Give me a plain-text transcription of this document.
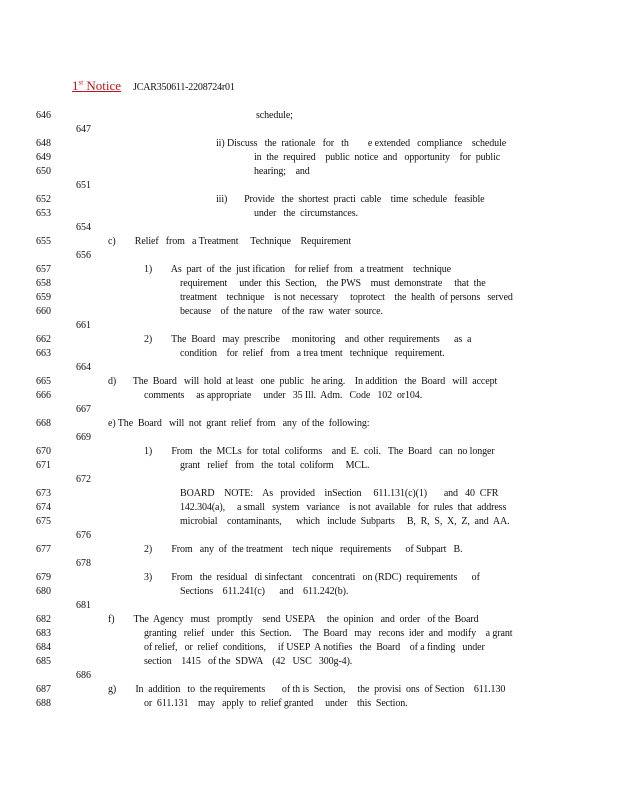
1st Notice JCAR350611-2208724r01
646	schedule;
647
648	ii) Discuss   the  rationale   for   th        e extended   compliance    schedule
649	in  the  required    public  notice  and   opportunity    for  public
650	hearing;    and
651
652	iii)       Provide   the  shortest  practi  cable    time  schedule   feasible
653	under   the  circumstances.
654
655	c)        Relief   from   a Treatment     Technique    Requirement
656
657	1)        As  part  of  the  just ification    for relief  from   a treatment    technique
658	requirement     under  this  Section,    the PWS    must  demonstrate     that  the
659	treatment    technique    is not  necessary     toprotect    the  health  of persons   served
660	because    of  the nature    of the  raw  water  source.
661
662	2)        The  Board   may  prescribe     monitoring    and  other  requirements      as  a
663	condition    for  relief   from   a trea tment   technique   requirement.
664
665	d)       The  Board   will  hold  at least   one  public   he aring.    In addition   the  Board   will  accept
666	comments     as appropriate     under   35 Ill.  Adm.   Code   102  or104.
667
668	e) The  Board   will  not  grant  relief  from   any  of the  following:
669
670	1)        From   the  MCLs  for  total  coliforms    and  E.  coli.   The  Board   can  no longer
671	grant   relief   from   the  total  coliform     MCL.
672
673	BOARD    NOTE:    As   provided    inSection     611.131(c)(1)       and   40  CFR
674	142.304(a),     a small   system   variance    is not  available   for  rules  that  address
675	microbial    contaminants,      which   include  Subparts     B,  R,  S,  X,  Z,  and  AA.
676
677	2)        From   any  of  the treatment    tech nique   requirements      of Subpart   B.
678
679	3)        From   the  residual   di sinfectant    concentrati   on (RDC)  requirements      of
680	Sections    611.241(c)      and    611.242(b).
681
682	f)        The  Agency   must   promptly    send  USEPA     the  opinion   and  order   of the  Board
683	granting   relief   under   this  Section.     The  Board   may   recons  ider  and  modify    a grant
684	of relief,   or  relief  conditions,     if USEP  A notifies   the  Board    of a finding   under
685	section    1415   of the  SDWA    (42   USC   300g-4).
686
687	g)        In  addition   to  the requirements       of th is  Section,     the  provisi  ons  of Section    611.130
688	or  611.131    may   apply  to  relief granted     under    this  Section.
